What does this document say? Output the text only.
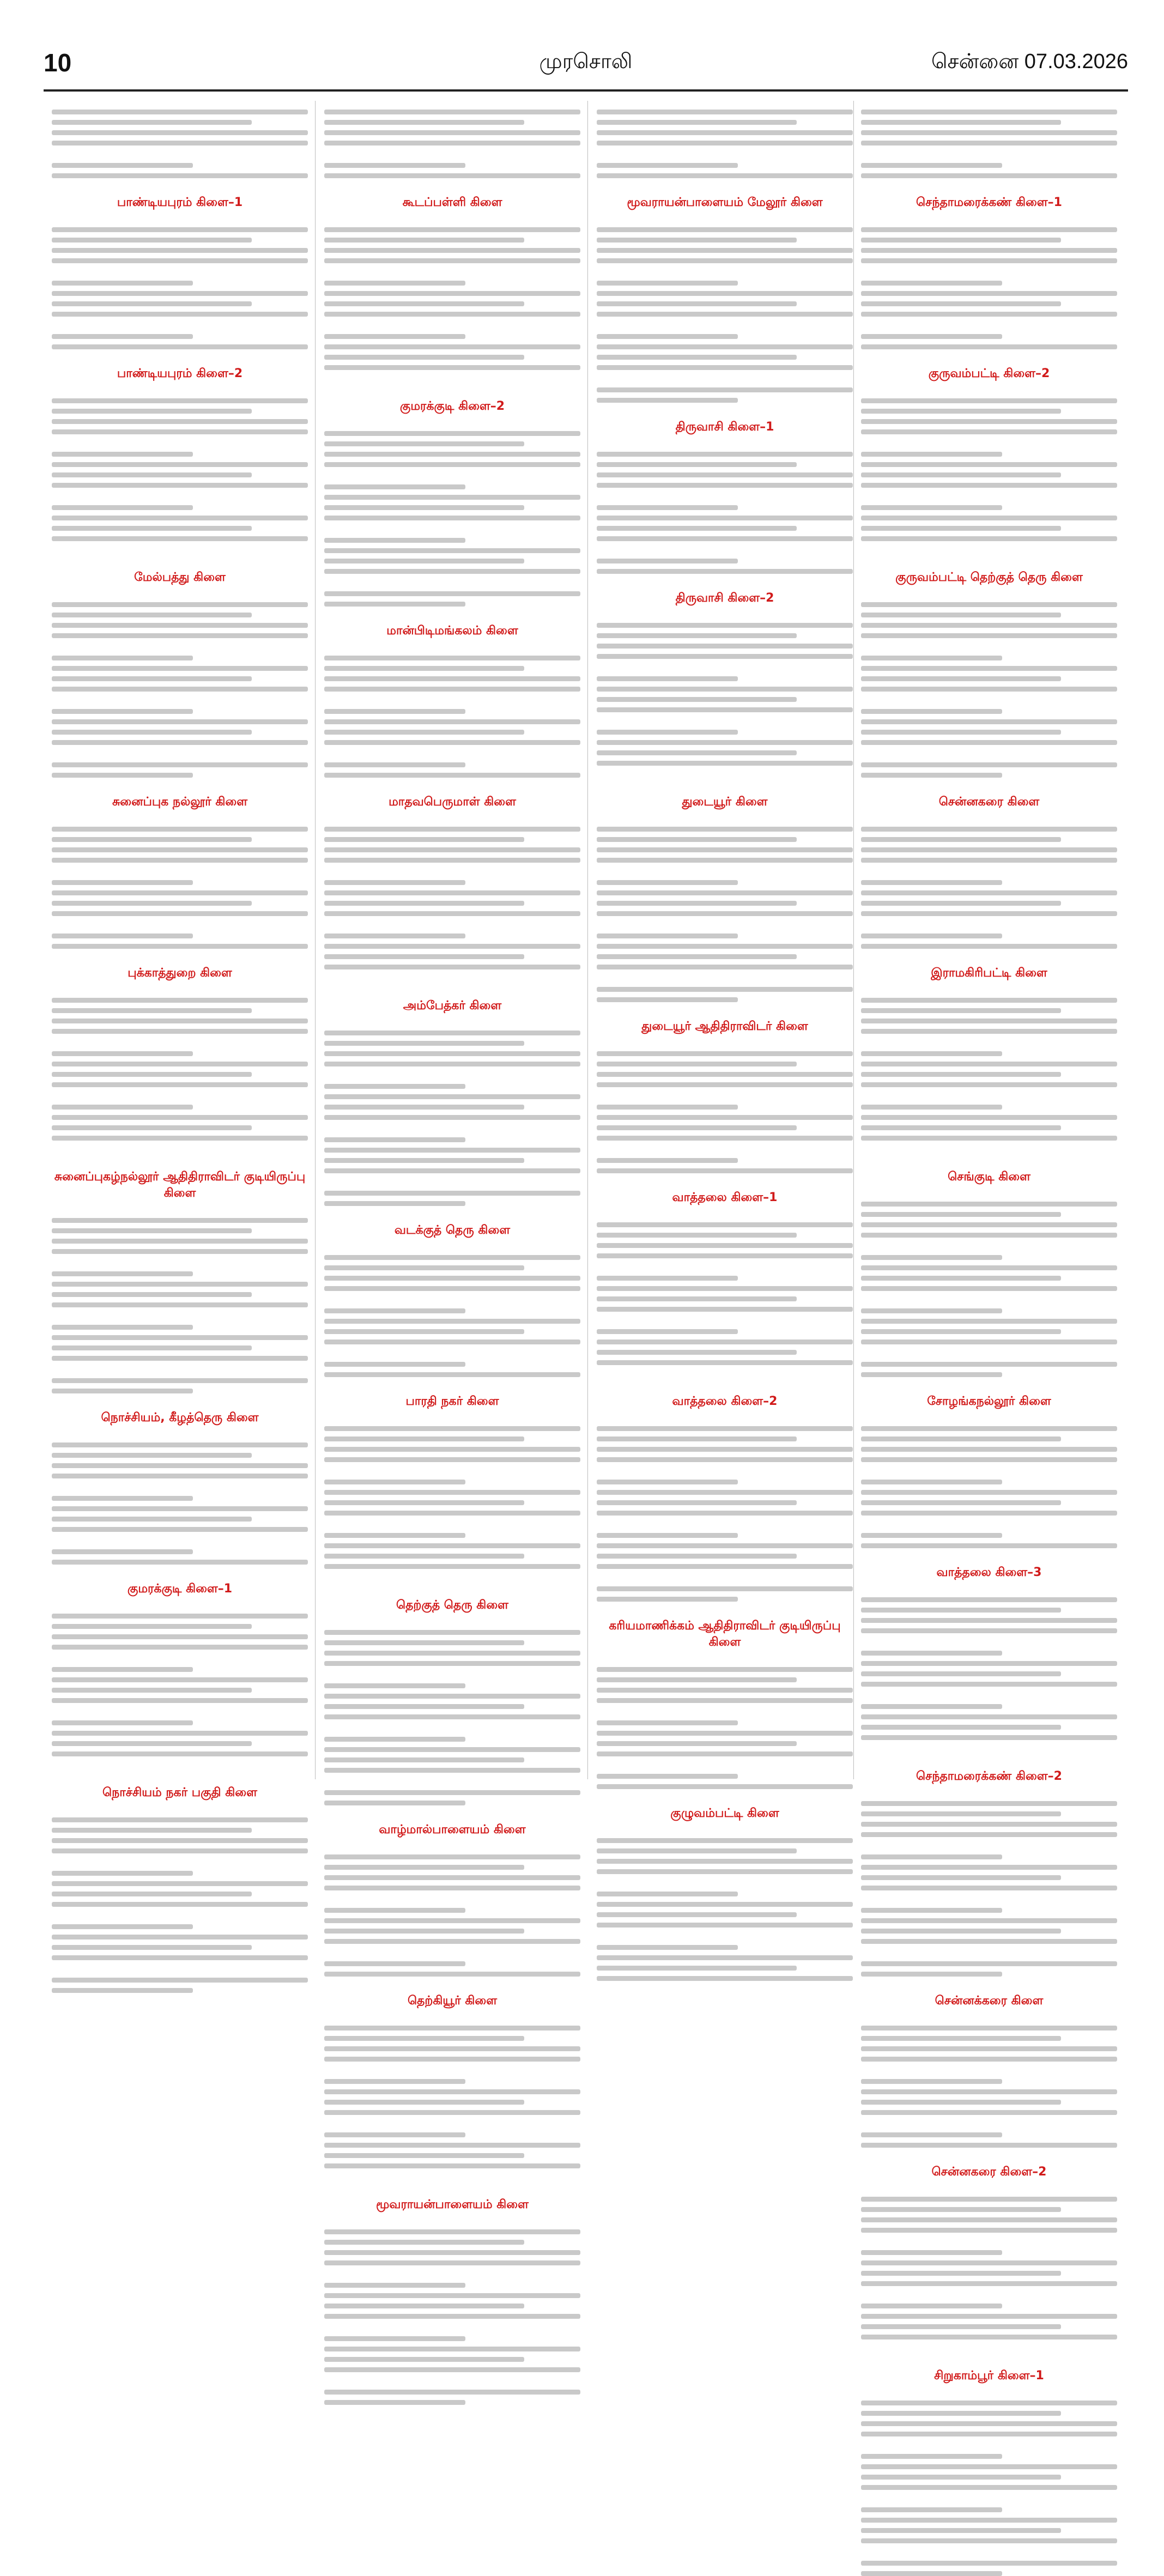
10	முரசொலி	சென்னை 07.03.2026
பாண்டியபுரம் கிளை–1
பாண்டியபுரம் கிளை–2
மேல்பத்து கிளை
சுனைப்புக நல்லூர் கிளை
புக்காத்துறை கிளை
சுனைப்புகழ்நல்லூர் ஆதிதிராவிடர் குடியிருப்பு கிளை
நொச்சியம், கீழத்தெரு கிளை
குமரக்குடி கிளை–1
நொச்சியம் நகர் பகுதி கிளை
கூடப்பள்ளி கிளை
குமரக்குடி கிளை–2
மான்பிடிமங்கலம் கிளை
மாதவபெருமாள் கிளை
அம்பேத்கர் கிளை
வடக்குத் தெரு கிளை
பாரதி நகர் கிளை
தெற்குத் தெரு கிளை
வாழ்மால்பாளையம் கிளை
தெற்கியூர் கிளை
மூவராயன்பாளையம் கிளை
மூவராயன்பாளையம் மேலூர் கிளை
திருவாசி கிளை–1
திருவாசி கிளை–2
துடையூர் கிளை
துடையூர் ஆதிதிராவிடர் கிளை
வாத்தலை கிளை–1
வாத்தலை கிளை–2
கரியமாணிக்கம் ஆதிதிராவிடர் குடியிருப்பு கிளை
குழுவம்பட்டி கிளை
செந்தாமரைக்கண் கிளை–1
குருவம்பட்டி கிளை–2
குருவம்பட்டி தெற்குத் தெரு கிளை
சென்னகரை கிளை
இராமகிரிபட்டி கிளை
செங்குடி கிளை
சோழங்கநல்லூர் கிளை
வாத்தலை கிளை–3
செந்தாமரைக்கண் கிளை–2
சென்னக்கரை கிளை
சென்னகரை கிளை–2
சிறுகாம்பூர் கிளை–1
